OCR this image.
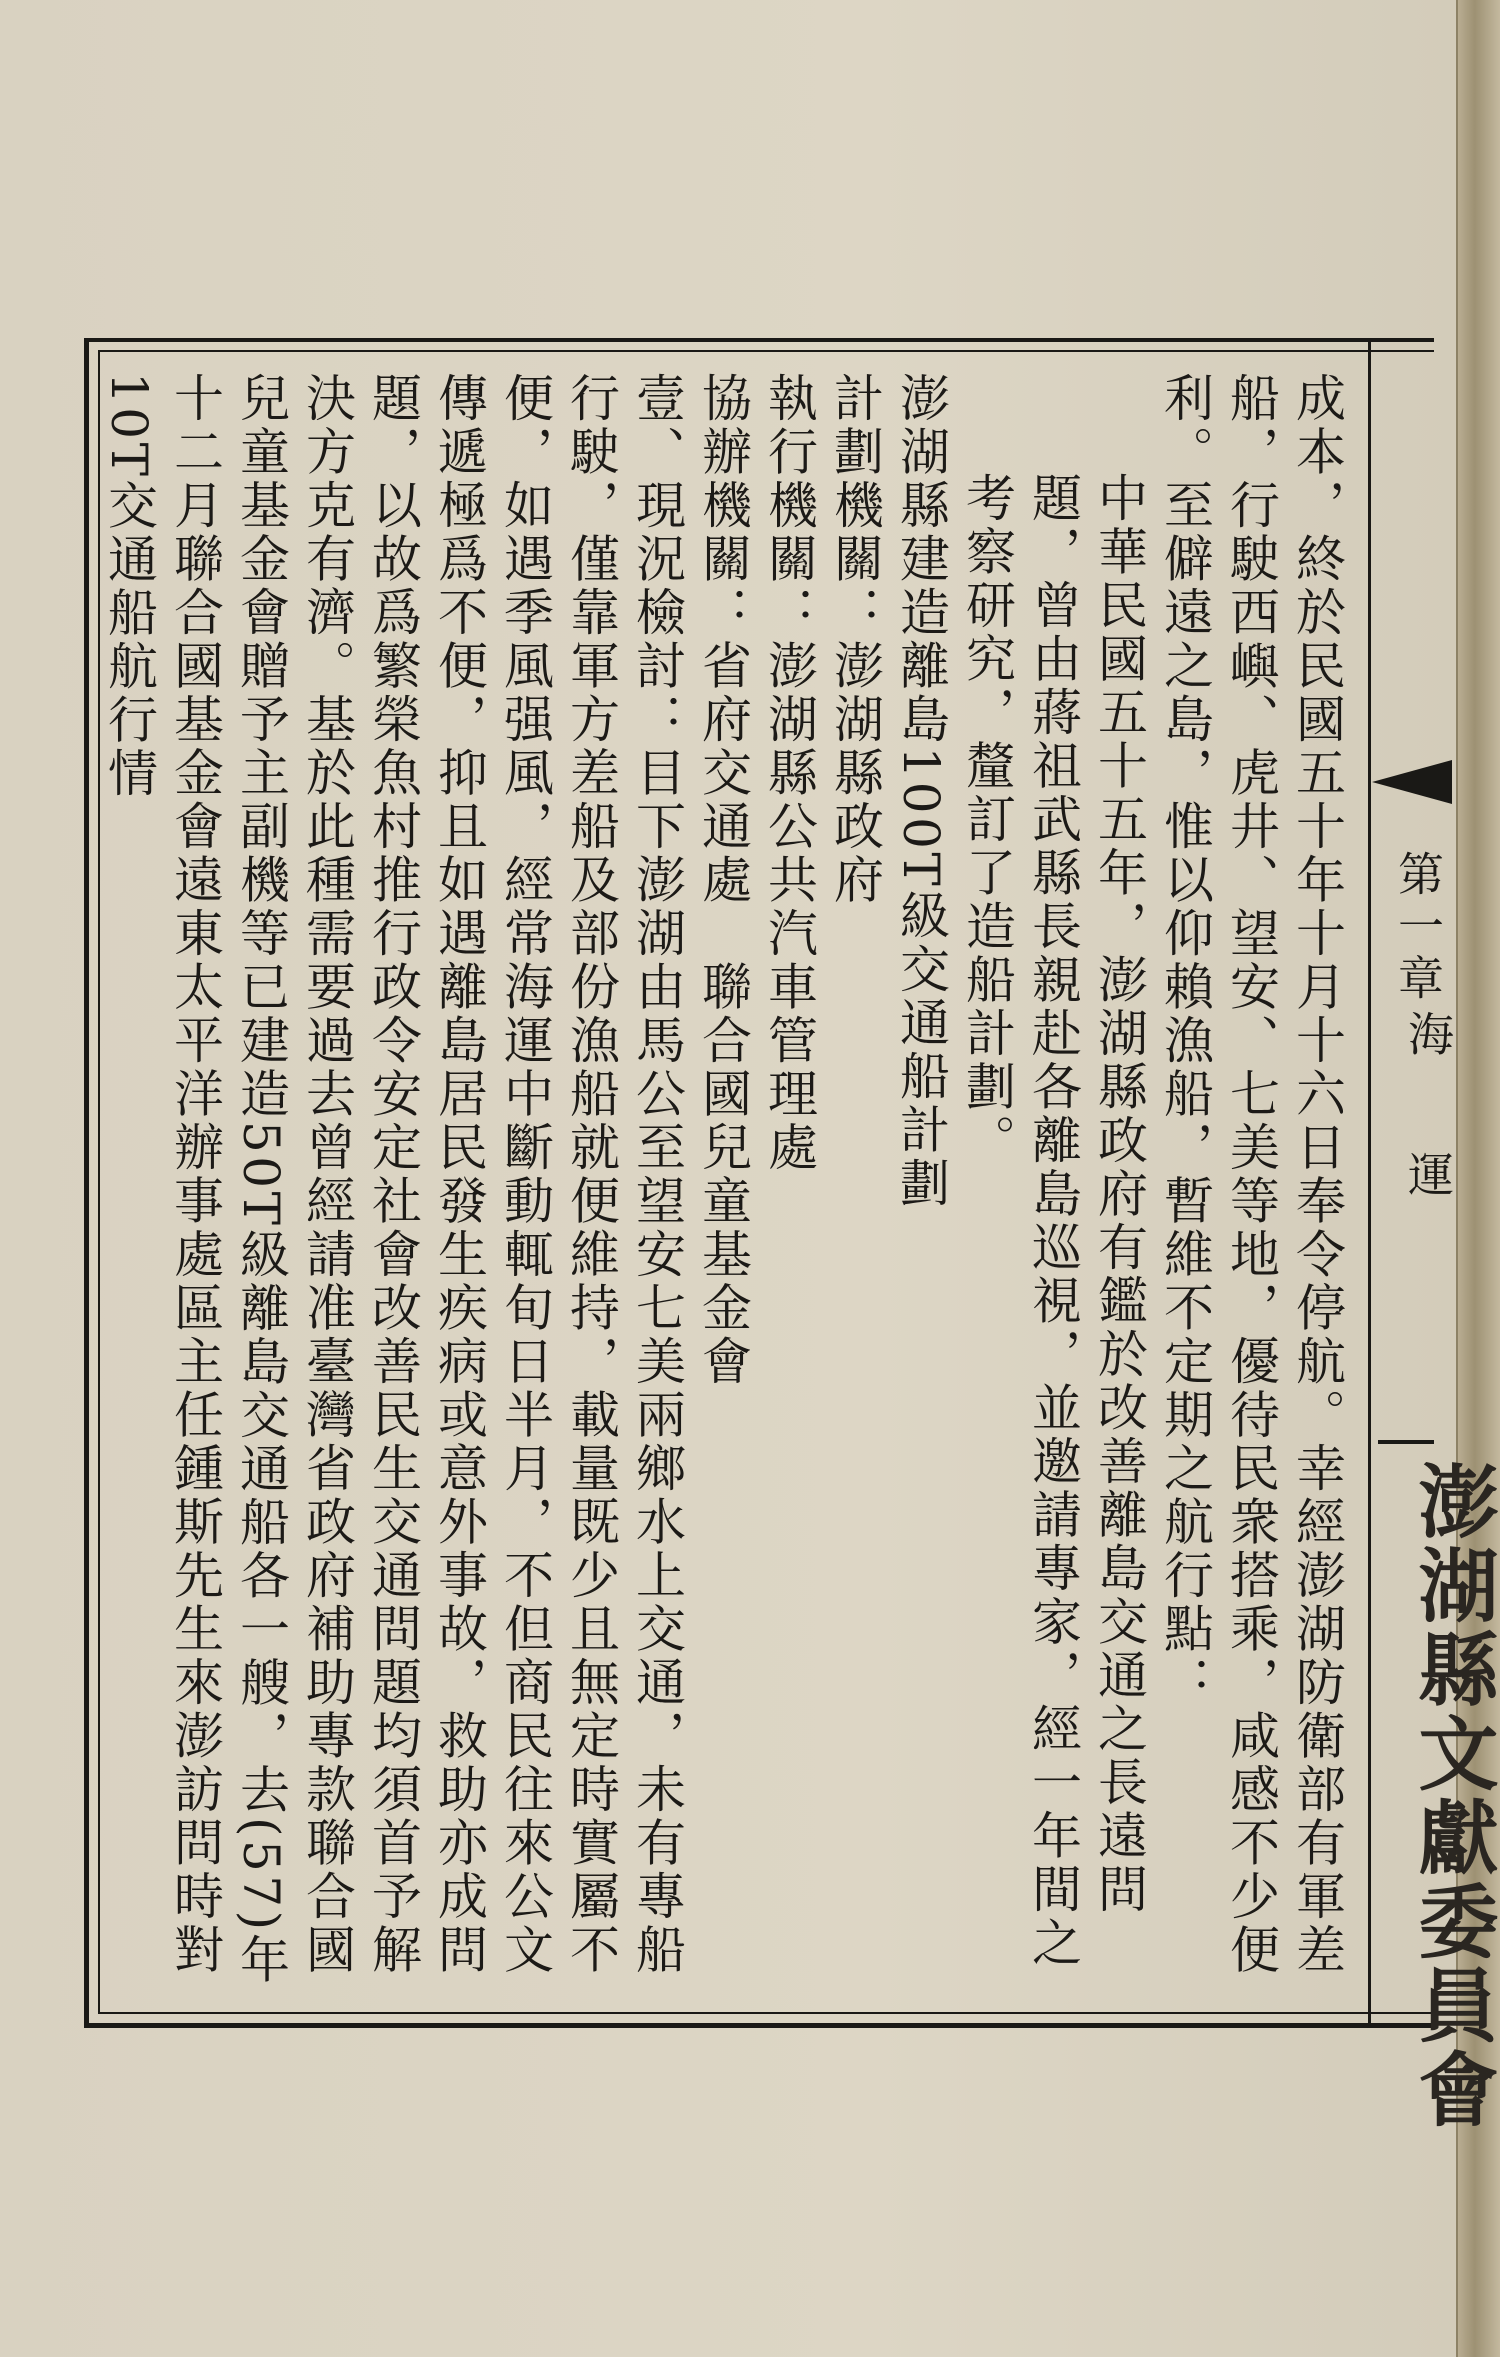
第一章
海 運
澎湖縣文獻委員會

成本，終於民國五十年十月十六日奉令停航。幸經澎湖防衛部有軍差船，行駛西嶼、虎井、望安、七美等地，優待民衆搭乘，咸感不少便利。至僻遠之島，惟以仰賴漁船，暫維不定期之航行點：

中華民國五十五年，澎湖縣政府有鑑於改善離島交通之長遠問題，曾由蔣祖武縣長親赴各離島巡視，並邀請專家，經一年間之考察研究，釐訂了造船計劃。

澎湖縣建造離島100T級交通船計劃

計劃機關：澎湖縣政府

執行機關：澎湖縣公共汽車管理處

協辦機關：省府交通處　聯合國兒童基金會

壹、現況檢討：目下澎湖由馬公至望安七美兩鄉水上交通，未有專船行駛，僅靠軍方差船及部份漁船就便維持，載量既少且無定時實屬不便，如遇季風强風，經常海運中斷動輒旬日半月，不但商民往來公文傳遞極爲不便，抑且如遇離島居民發生疾病或意外事故，救助亦成問題，以故爲繁榮魚村推行政令安定社會改善民生交通問題均須首予解決方克有濟。基於此種需要過去曾經請准臺灣省政府補助專款聯合國兒童基金會贈予主副機等已建造50T級離島交通船各一艘，去(57)年十二月聯合國基金會遠東太平洋辦事處區主任鍾斯先生來澎訪問時對10T交通船航行情
